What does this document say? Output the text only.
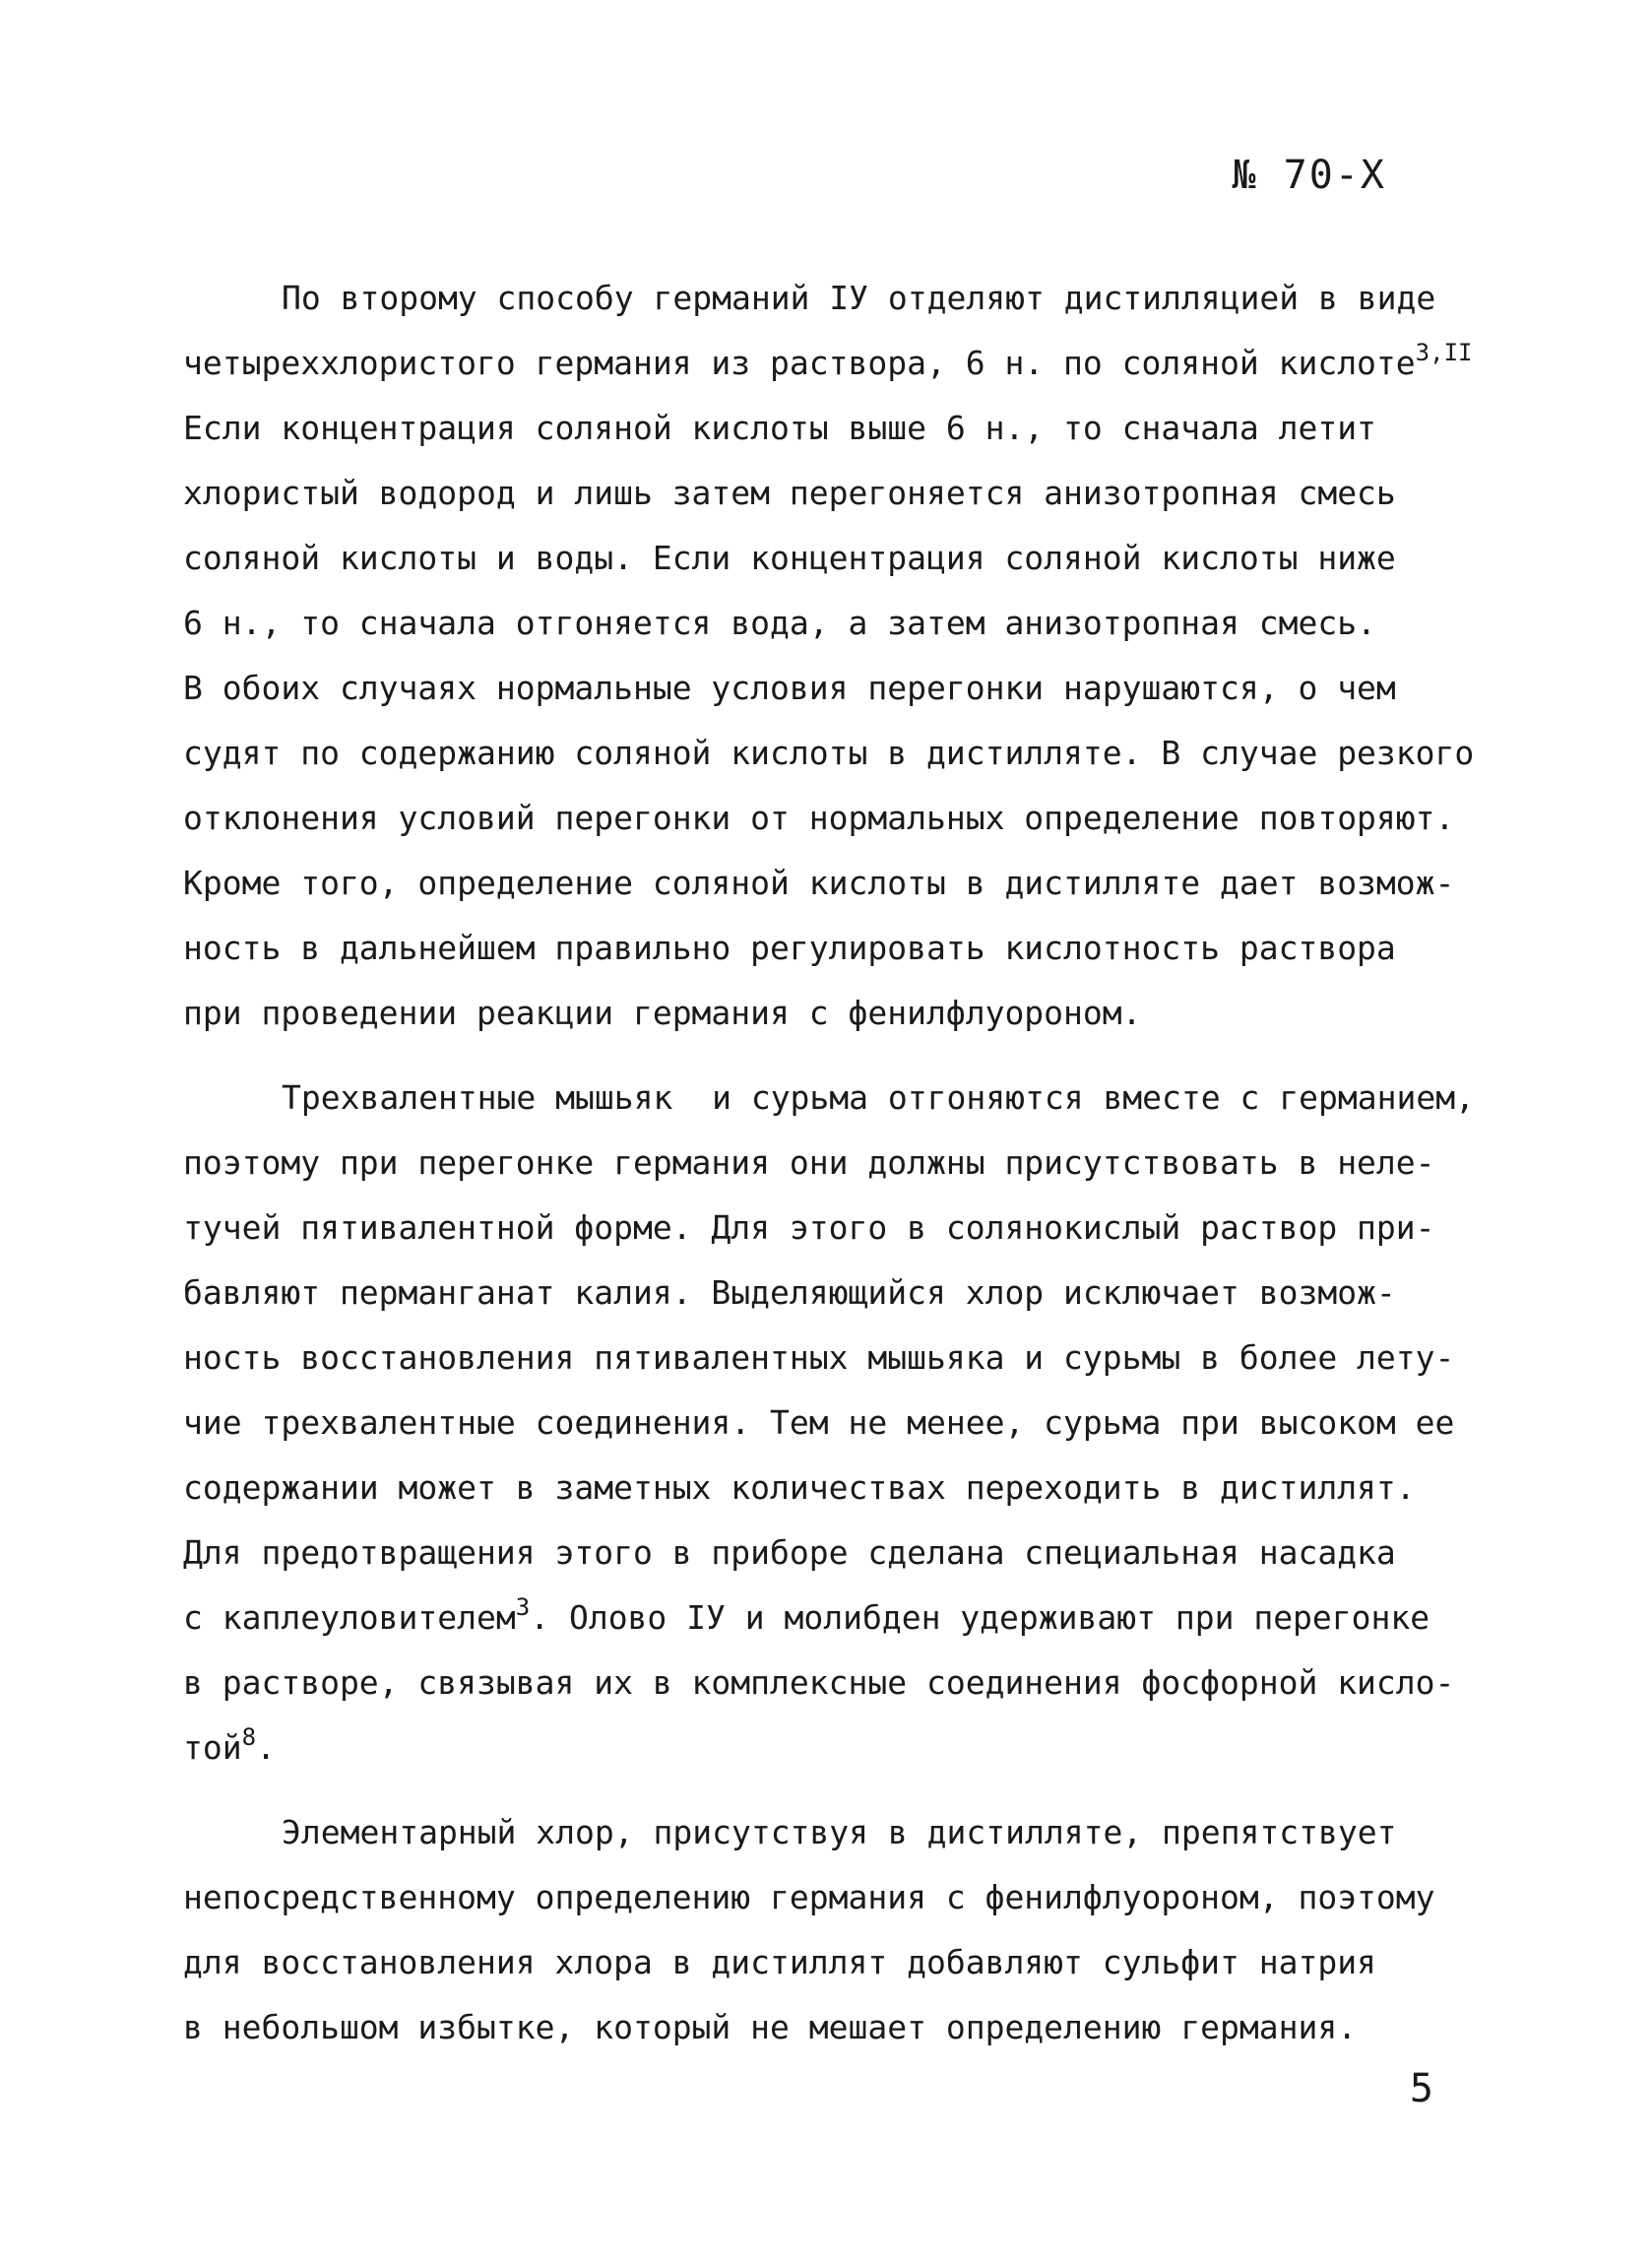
№ 70-Х
По второму способу германий IУ отделяют дистилляцией в виде
четыреххлористого германия из раствора, 6 н. по соляной кислоте$^{3,II}$
Если концентрация соляной кислоты выше 6 н., то сначала летит
хлористый водород и лишь затем перегоняется анизотропная смесь
соляной кислоты и воды. Если концентрация соляной кислоты ниже
6 н., то сначала отгоняется вода, а затем анизотропная смесь.
В обоих случаях нормальные условия перегонки нарушаются, о чем
судят по содержанию соляной кислоты в дистилляте. В случае резкого
отклонения условий перегонки от нормальных определение повторяют.
Кроме того, определение соляной кислоты в дистилляте дает возмож-
ность в дальнейшем правильно регулировать кислотность раствора
при проведении реакции германия с фенилфлуороном.
Трехвалентные мышьяк  и сурьма отгоняются вместе с германием,
поэтому при перегонке германия они должны присутствовать в неле-
тучей пятивалентной форме. Для этого в солянокислый раствор при-
бавляют перманганат калия. Выделяющийся хлор исключает возмож-
ность восстановления пятивалентных мышьяка и сурьмы в более лету-
чие трехвалентные соединения. Тем не менее, сурьма при высоком ее
содержании может в заметных количествах переходить в дистиллят.
Для предотвращения этого в приборе сделана специальная насадка
с каплеуловителем$^3$. Олово IУ и молибден удерживают при перегонке
в растворе, связывая их в комплексные соединения фосфорной кисло-
той$^8$.
Элементарный хлор, присутствуя в дистилляте, препятствует
непосредственному определению германия с фенилфлуороном, поэтому
для восстановления хлора в дистиллят добавляют сульфит натрия
в небольшом избытке, который не мешает определению германия.
5
